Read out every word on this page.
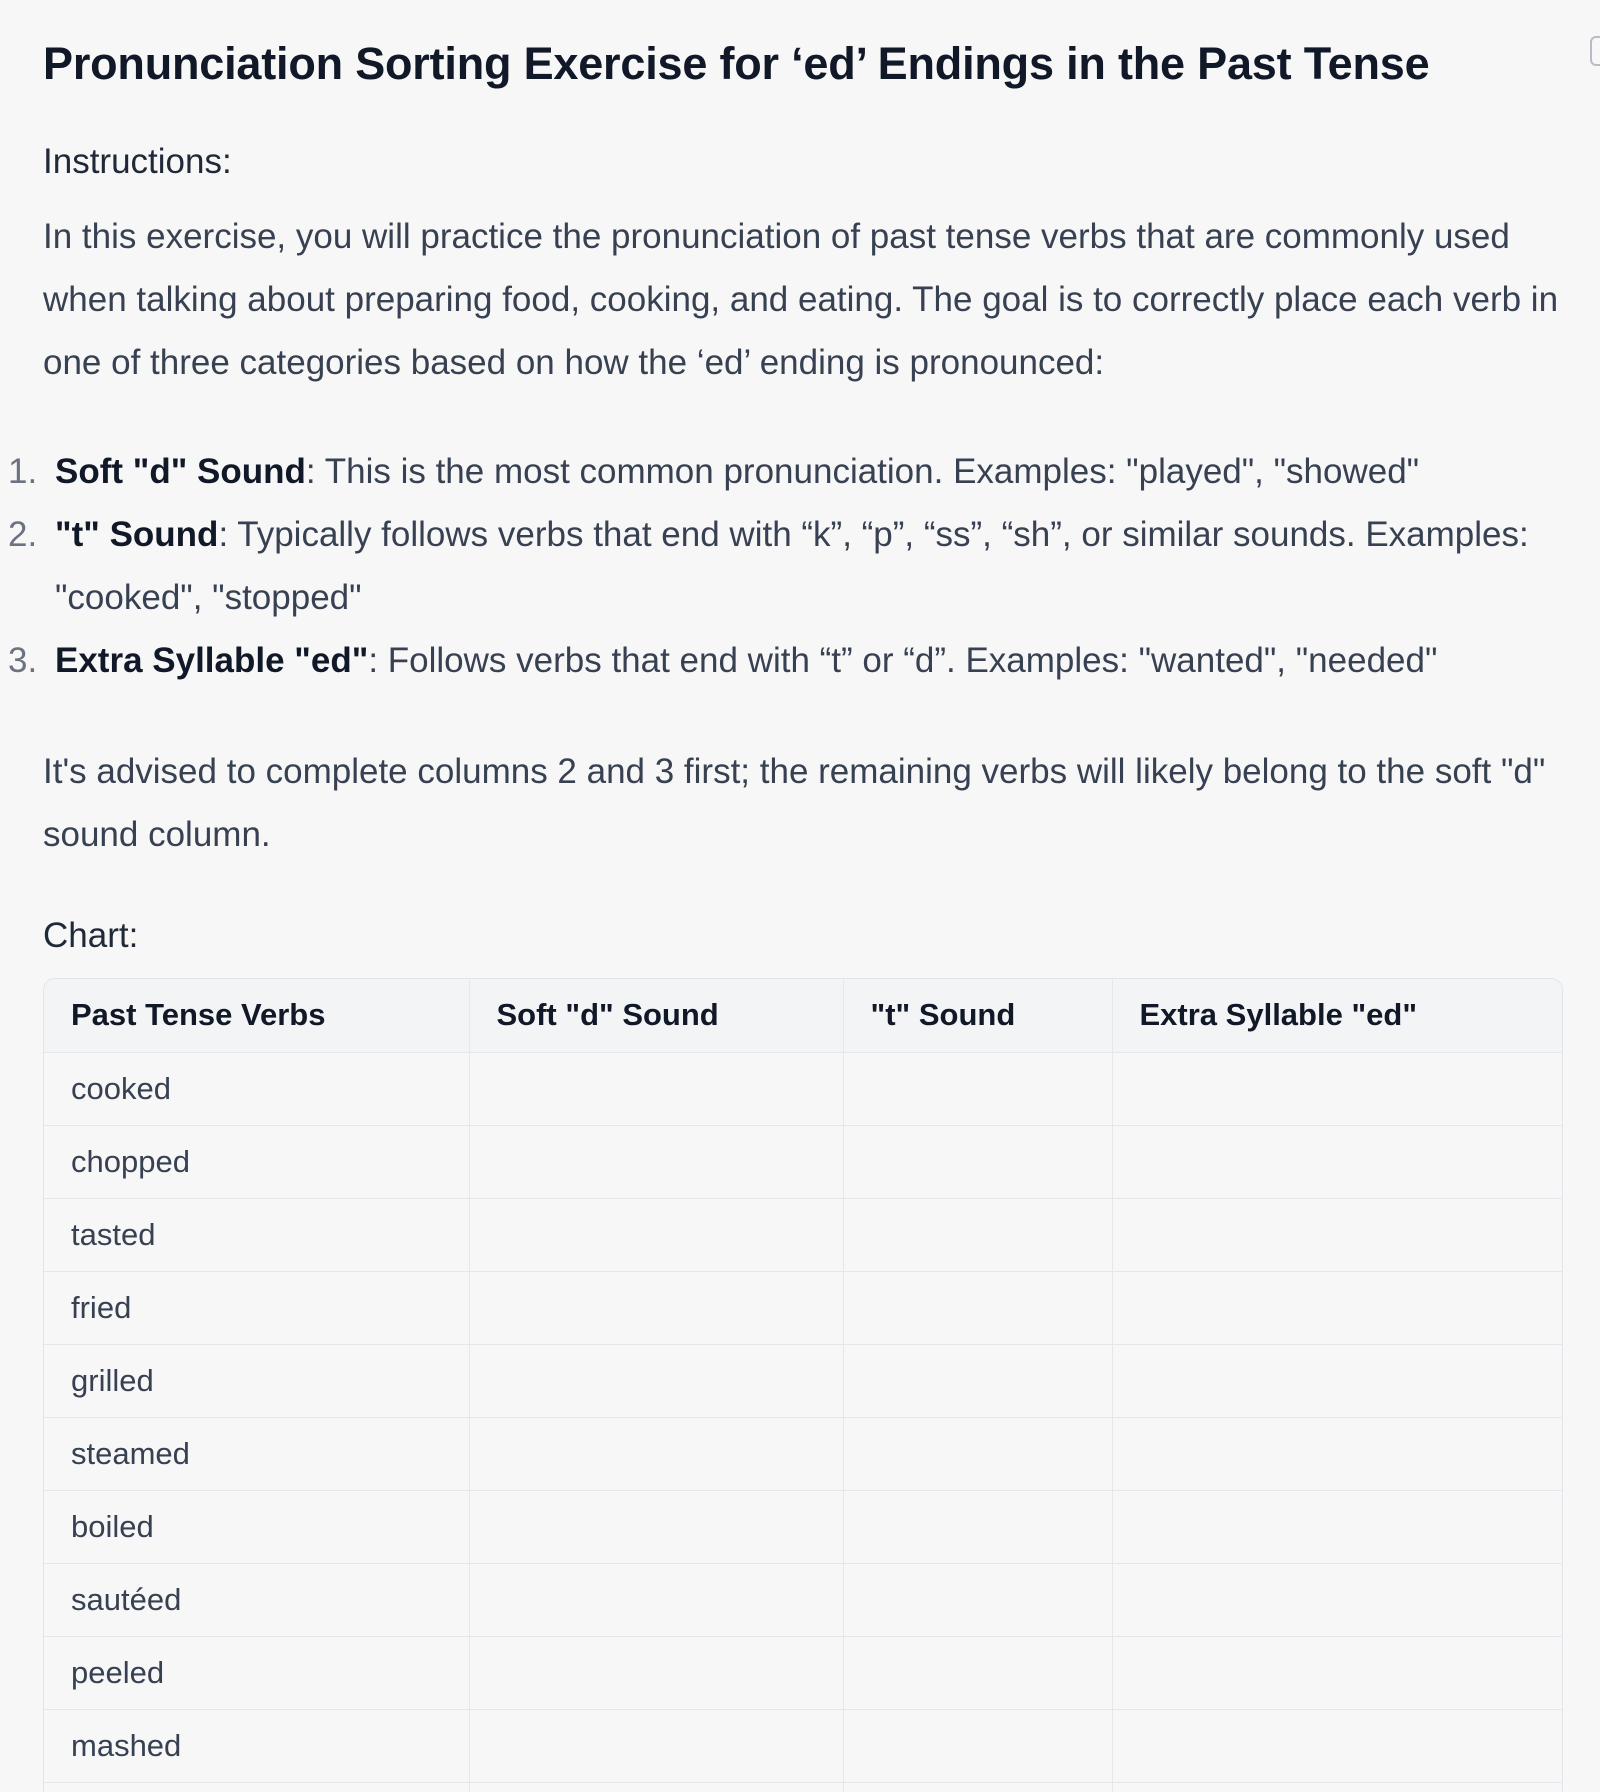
Pronunciation Sorting Exercise for ‘ed’ Endings in the Past Tense

Instructions:

In this exercise, you will practice the pronunciation of past tense verbs that are commonly used when talking about preparing food, cooking, and eating. The goal is to correctly place each verb in one of three categories based on how the ‘ed’ ending is pronounced:

1. Soft "d" Sound: This is the most common pronunciation. Examples: "played", "showed"
2. "t" Sound: Typically follows verbs that end with “k”, “p”, “ss”, “sh”, or similar sounds. Examples: "cooked", "stopped"
3. Extra Syllable "ed": Follows verbs that end with “t” or “d”. Examples: "wanted", "needed"

It's advised to complete columns 2 and 3 first; the remaining verbs will likely belong to the soft "d" sound column.

Chart:

Past Tense Verbs	Soft "d" Sound	"t" Sound	Extra Syllable "ed"
cooked			
chopped			
tasted			
fried			
grilled			
steamed			
boiled			
sautéed			
peeled			
mashed			
